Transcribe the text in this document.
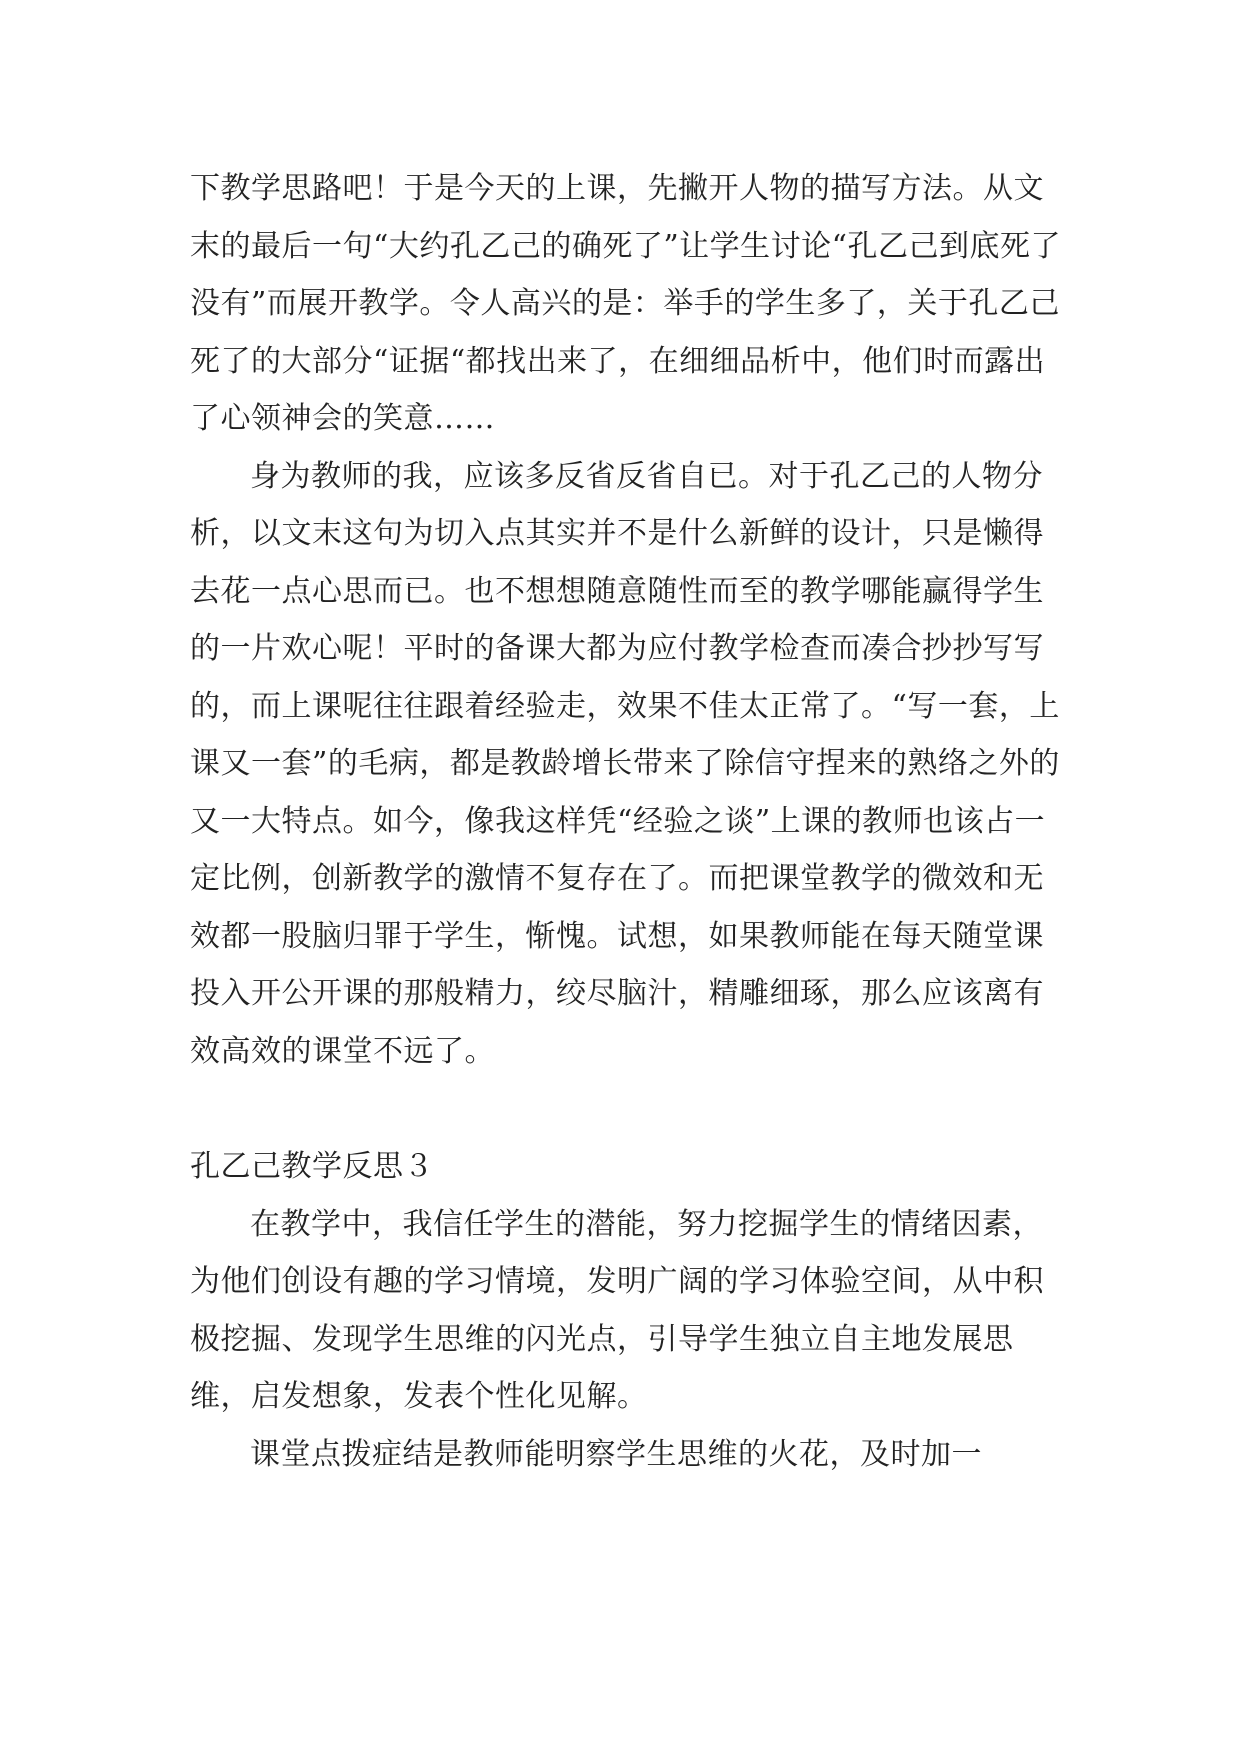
下教学思路吧！于是今天的上课，先撇开人物的描写方法。从文末的最后一句“大约孔乙己的确死了”让学生讨论“孔乙己到底死了没有”而展开教学。令人高兴的是：举手的学生多了，关于孔乙己死了的大部分“证据“都找出来了，在细细品析中，他们时而露出了心领神会的笑意……

身为教师的我，应该多反省反省自已。对于孔乙己的人物分析，以文末这句为切入点其实并不是什么新鲜的设计，只是懒得去花一点心思而已。也不想想随意随性而至的教学哪能赢得学生的一片欢心呢！平时的备课大都为应付教学检查而凑合抄抄写写的，而上课呢往往跟着经验走，效果不佳太正常了。“写一套，上课又一套”的毛病，都是教龄增长带来了除信守捏来的熟络之外的又一大特点。如今，像我这样凭“经验之谈”上课的教师也该占一定比例，创新教学的激情不复存在了。而把课堂教学的微效和无效都一股脑归罪于学生，惭愧。试想，如果教师能在每天随堂课投入开公开课的那般精力，绞尽脑汁，精雕细琢，那么应该离有效高效的课堂不远了。

孔乙己教学反思３

在教学中，我信任学生的潜能，努力挖掘学生的情绪因素，为他们创设有趣的学习情境，发明广阔的学习体验空间，从中积极挖掘、发现学生思维的闪光点，引导学生独立自主地发展思维，启发想象，发表个性化见解。

课堂点拨症结是教师能明察学生思维的火花，及时加一
